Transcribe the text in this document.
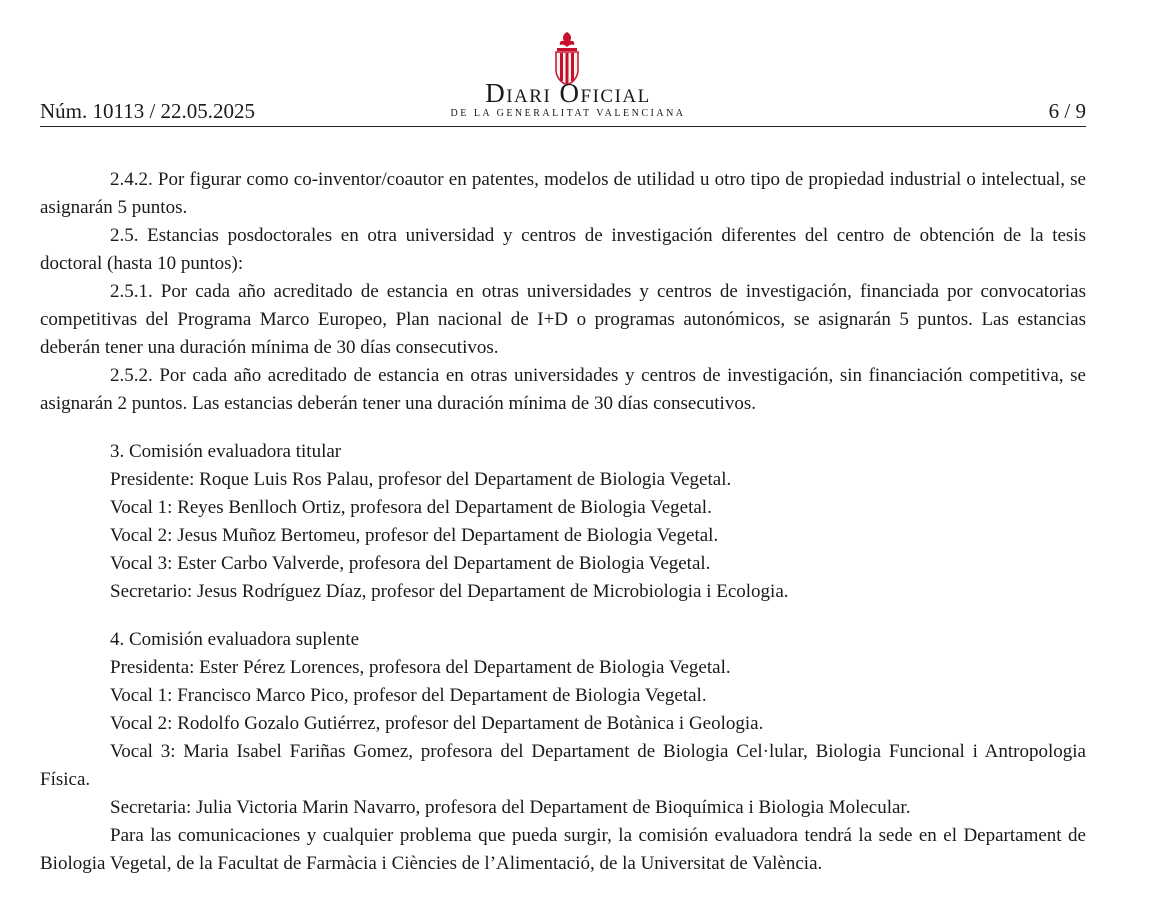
Núm. 10113 / 22.05.2025
Diari Oficial
DE LA GENERALITAT VALENCIANA	6 / 9

2.4.2. Por figurar como co-inventor/coautor en patentes, modelos de utilidad u otro tipo de propiedad industrial o intelectual, se asignarán 5 puntos.

2.5. Estancias posdoctorales en otra universidad y centros de investigación diferentes del centro de obtención de la tesis doctoral (hasta 10 puntos):

2.5.1. Por cada año acreditado de estancia en otras universidades y centros de investigación, financiada por convocatorias competitivas del Programa Marco Europeo, Plan nacional de I+D o programas autonómicos, se asignarán 5 puntos. Las estancias deberán tener una duración mínima de 30 días consecutivos.

2.5.2. Por cada año acreditado de estancia en otras universidades y centros de investigación, sin financiación competitiva, se asignarán 2 puntos. Las estancias deberán tener una duración mínima de 30 días consecutivos.

3. Comisión evaluadora titular

Presidente: Roque Luis Ros Palau, profesor del Departament de Biologia Vegetal.

Vocal 1: Reyes Benlloch Ortiz, profesora del Departament de Biologia Vegetal.

Vocal 2: Jesus Muñoz Bertomeu, profesor del Departament de Biologia Vegetal.

Vocal 3: Ester Carbo Valverde, profesora del Departament de Biologia Vegetal.

Secretario: Jesus Rodríguez Díaz, profesor del Departament de Microbiologia i Ecologia.

4. Comisión evaluadora suplente

Presidenta: Ester Pérez Lorences, profesora del Departament de Biologia Vegetal.

Vocal 1: Francisco Marco Pico, profesor del Departament de Biologia Vegetal.

Vocal 2: Rodolfo Gozalo Gutiérrez, profesor del Departament de Botànica i Geologia.

Vocal 3: Maria Isabel Fariñas Gomez, profesora del Departament de Biologia Cel·lular, Biologia Funcional i Antropologia Física.

Secretaria: Julia Victoria Marin Navarro, profesora del Departament de Bioquímica i Biologia Molecular.

Para las comunicaciones y cualquier problema que pueda surgir, la comisión evaluadora tendrá la sede en el Departament de Biologia Vegetal, de la Facultat de Farmàcia i Ciències de l’Alimentació, de la Universitat de València.
